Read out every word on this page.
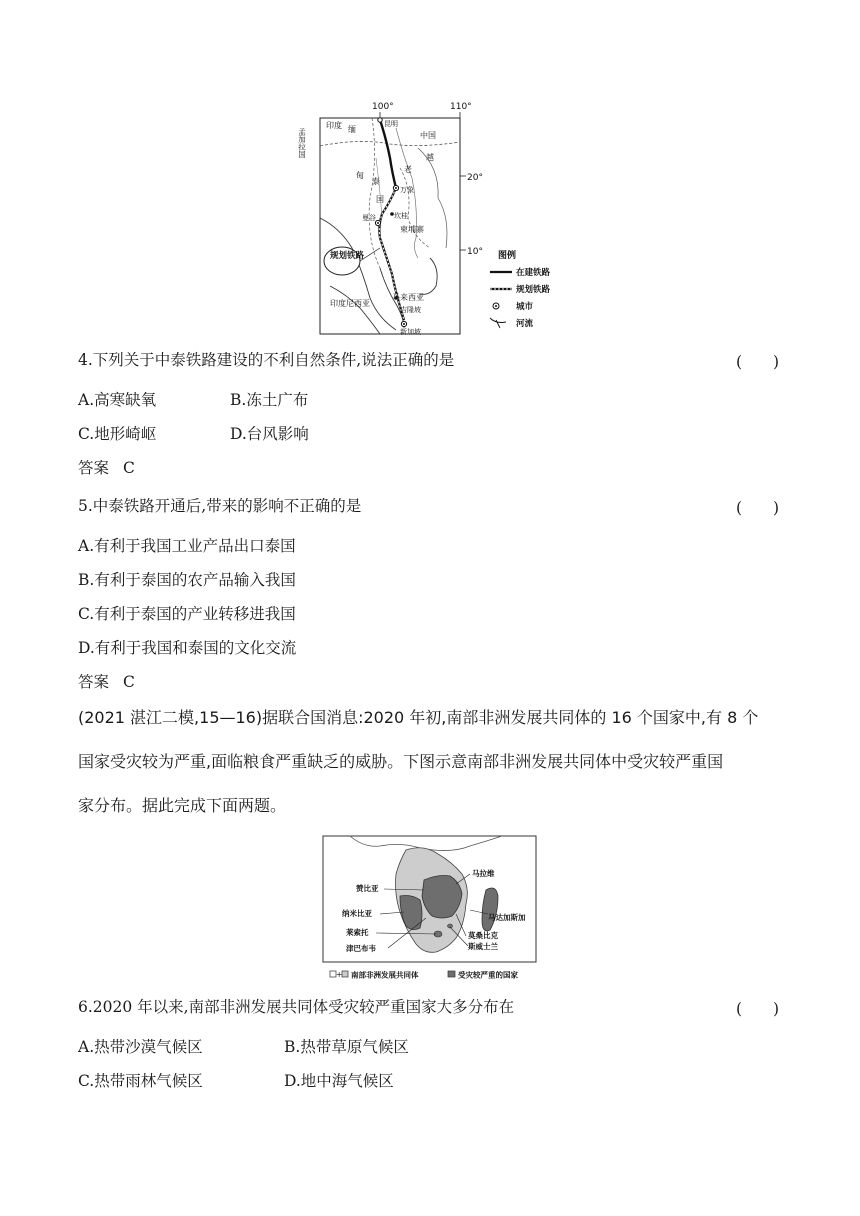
100°	110°
20°
10°
孟加拉国
印度 缅
甸
中国
老
越
泰
国
柬埔寨
马来西亚
印度尼西亚
昆明
万象
曼谷	坎桂
吉隆坡
新加坡
规划铁路	图例
在建铁路
规划铁路
城市
河流
4.下列关于中泰铁路建设的不利自然条件,说法正确的是	(　　)
A.高寒缺氧	B.冻土广布
C.地形崎岖	D.台风影响
答案 C
5.中泰铁路开通后,带来的影响不正确的是	(　　)
A.有利于我国工业产品出口泰国
B.有利于泰国的农产品输入我国
C.有利于泰国的产业转移进我国
D.有利于我国和泰国的文化交流
答案 C
(2021 湛江二模,15—16)据联合国消息:2020 年初,南部非洲发展共同体的 16 个国家中,有 8 个
国家受灾较为严重,面临粮食严重缺乏的威胁。下图示意南部非洲发展共同体中受灾较严重国
家分布。据此完成下面两题。
赞比亚
纳米比亚
莱索托
津巴布韦
马拉维
马达加斯加
莫桑比克
斯威士兰
+ 南部非洲发展共同体	受灾较严重的国家
6.2020 年以来,南部非洲发展共同体受灾较严重国家大多分布在	(　　)
A.热带沙漠气候区	B.热带草原气候区
C.热带雨林气候区	D.地中海气候区
